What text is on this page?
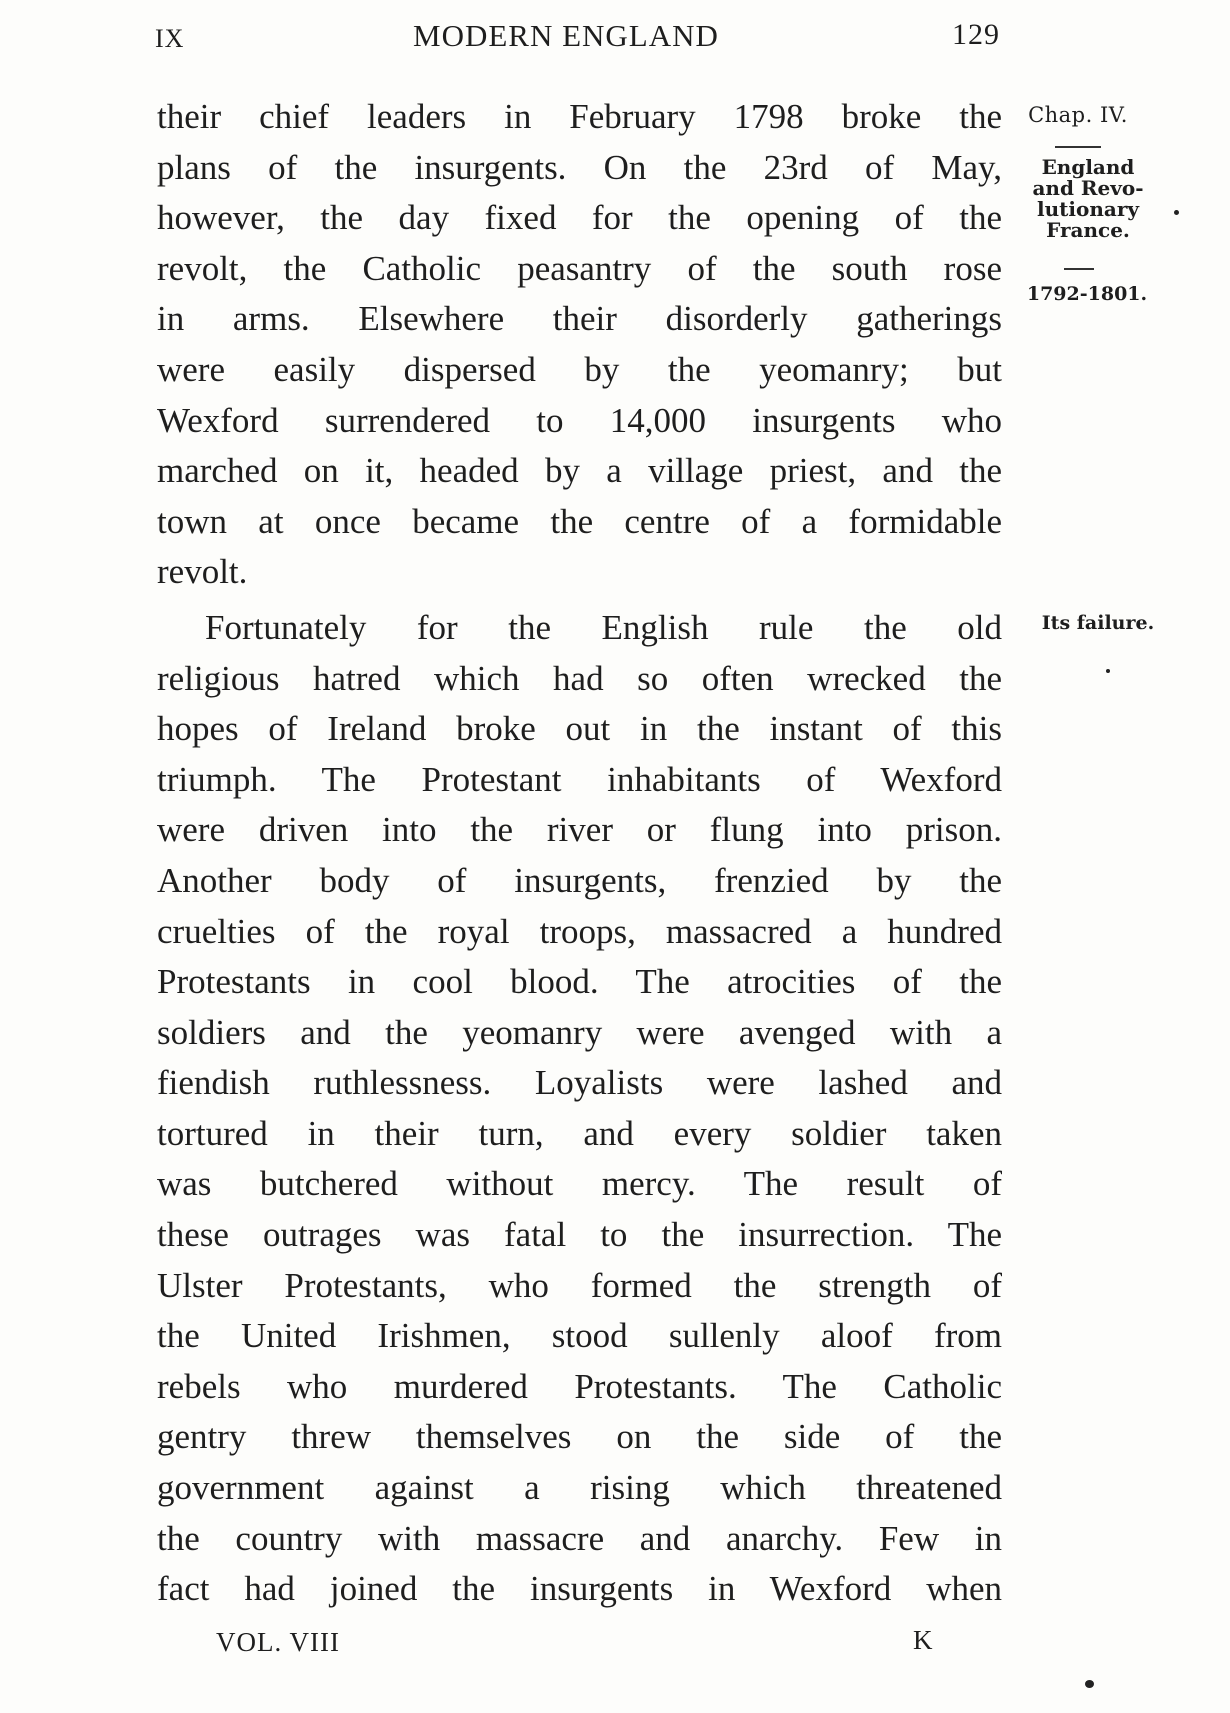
IX	MODERN ENGLAND	129
their chief leaders in February 1798 broke the
plans of the insurgents. On the 23rd of May,
however, the day fixed for the opening of the
revolt, the Catholic peasantry of the south rose
in arms. Elsewhere their disorderly gatherings
were easily dispersed by the yeomanry; but
Wexford surrendered to 14,000 insurgents who
marched on it, headed by a village priest, and the
town at once became the centre of a formidable
revolt.
Fortunately for the English rule the old
religious hatred which had so often wrecked the
hopes of Ireland broke out in the instant of this
triumph. The Protestant inhabitants of Wexford
were driven into the river or flung into prison.
Another body of insurgents, frenzied by the
cruelties of the royal troops, massacred a hundred
Protestants in cool blood. The atrocities of the
soldiers and the yeomanry were avenged with a
fiendish ruthlessness. Loyalists were lashed and
tortured in their turn, and every soldier taken
was butchered without mercy. The result of
these outrages was fatal to the insurrection. The
Ulster Protestants, who formed the strength of
the United Irishmen, stood sullenly aloof from
rebels who murdered Protestants. The Catholic
gentry threw themselves on the side of the
government against a rising which threatened
the country with massacre and anarchy. Few in
fact had joined the insurgents in Wexford when
Chap. IV.
England
and Revo-
lutionary
France.
1792-1801.
Its failure.
VOL. VIII	K
